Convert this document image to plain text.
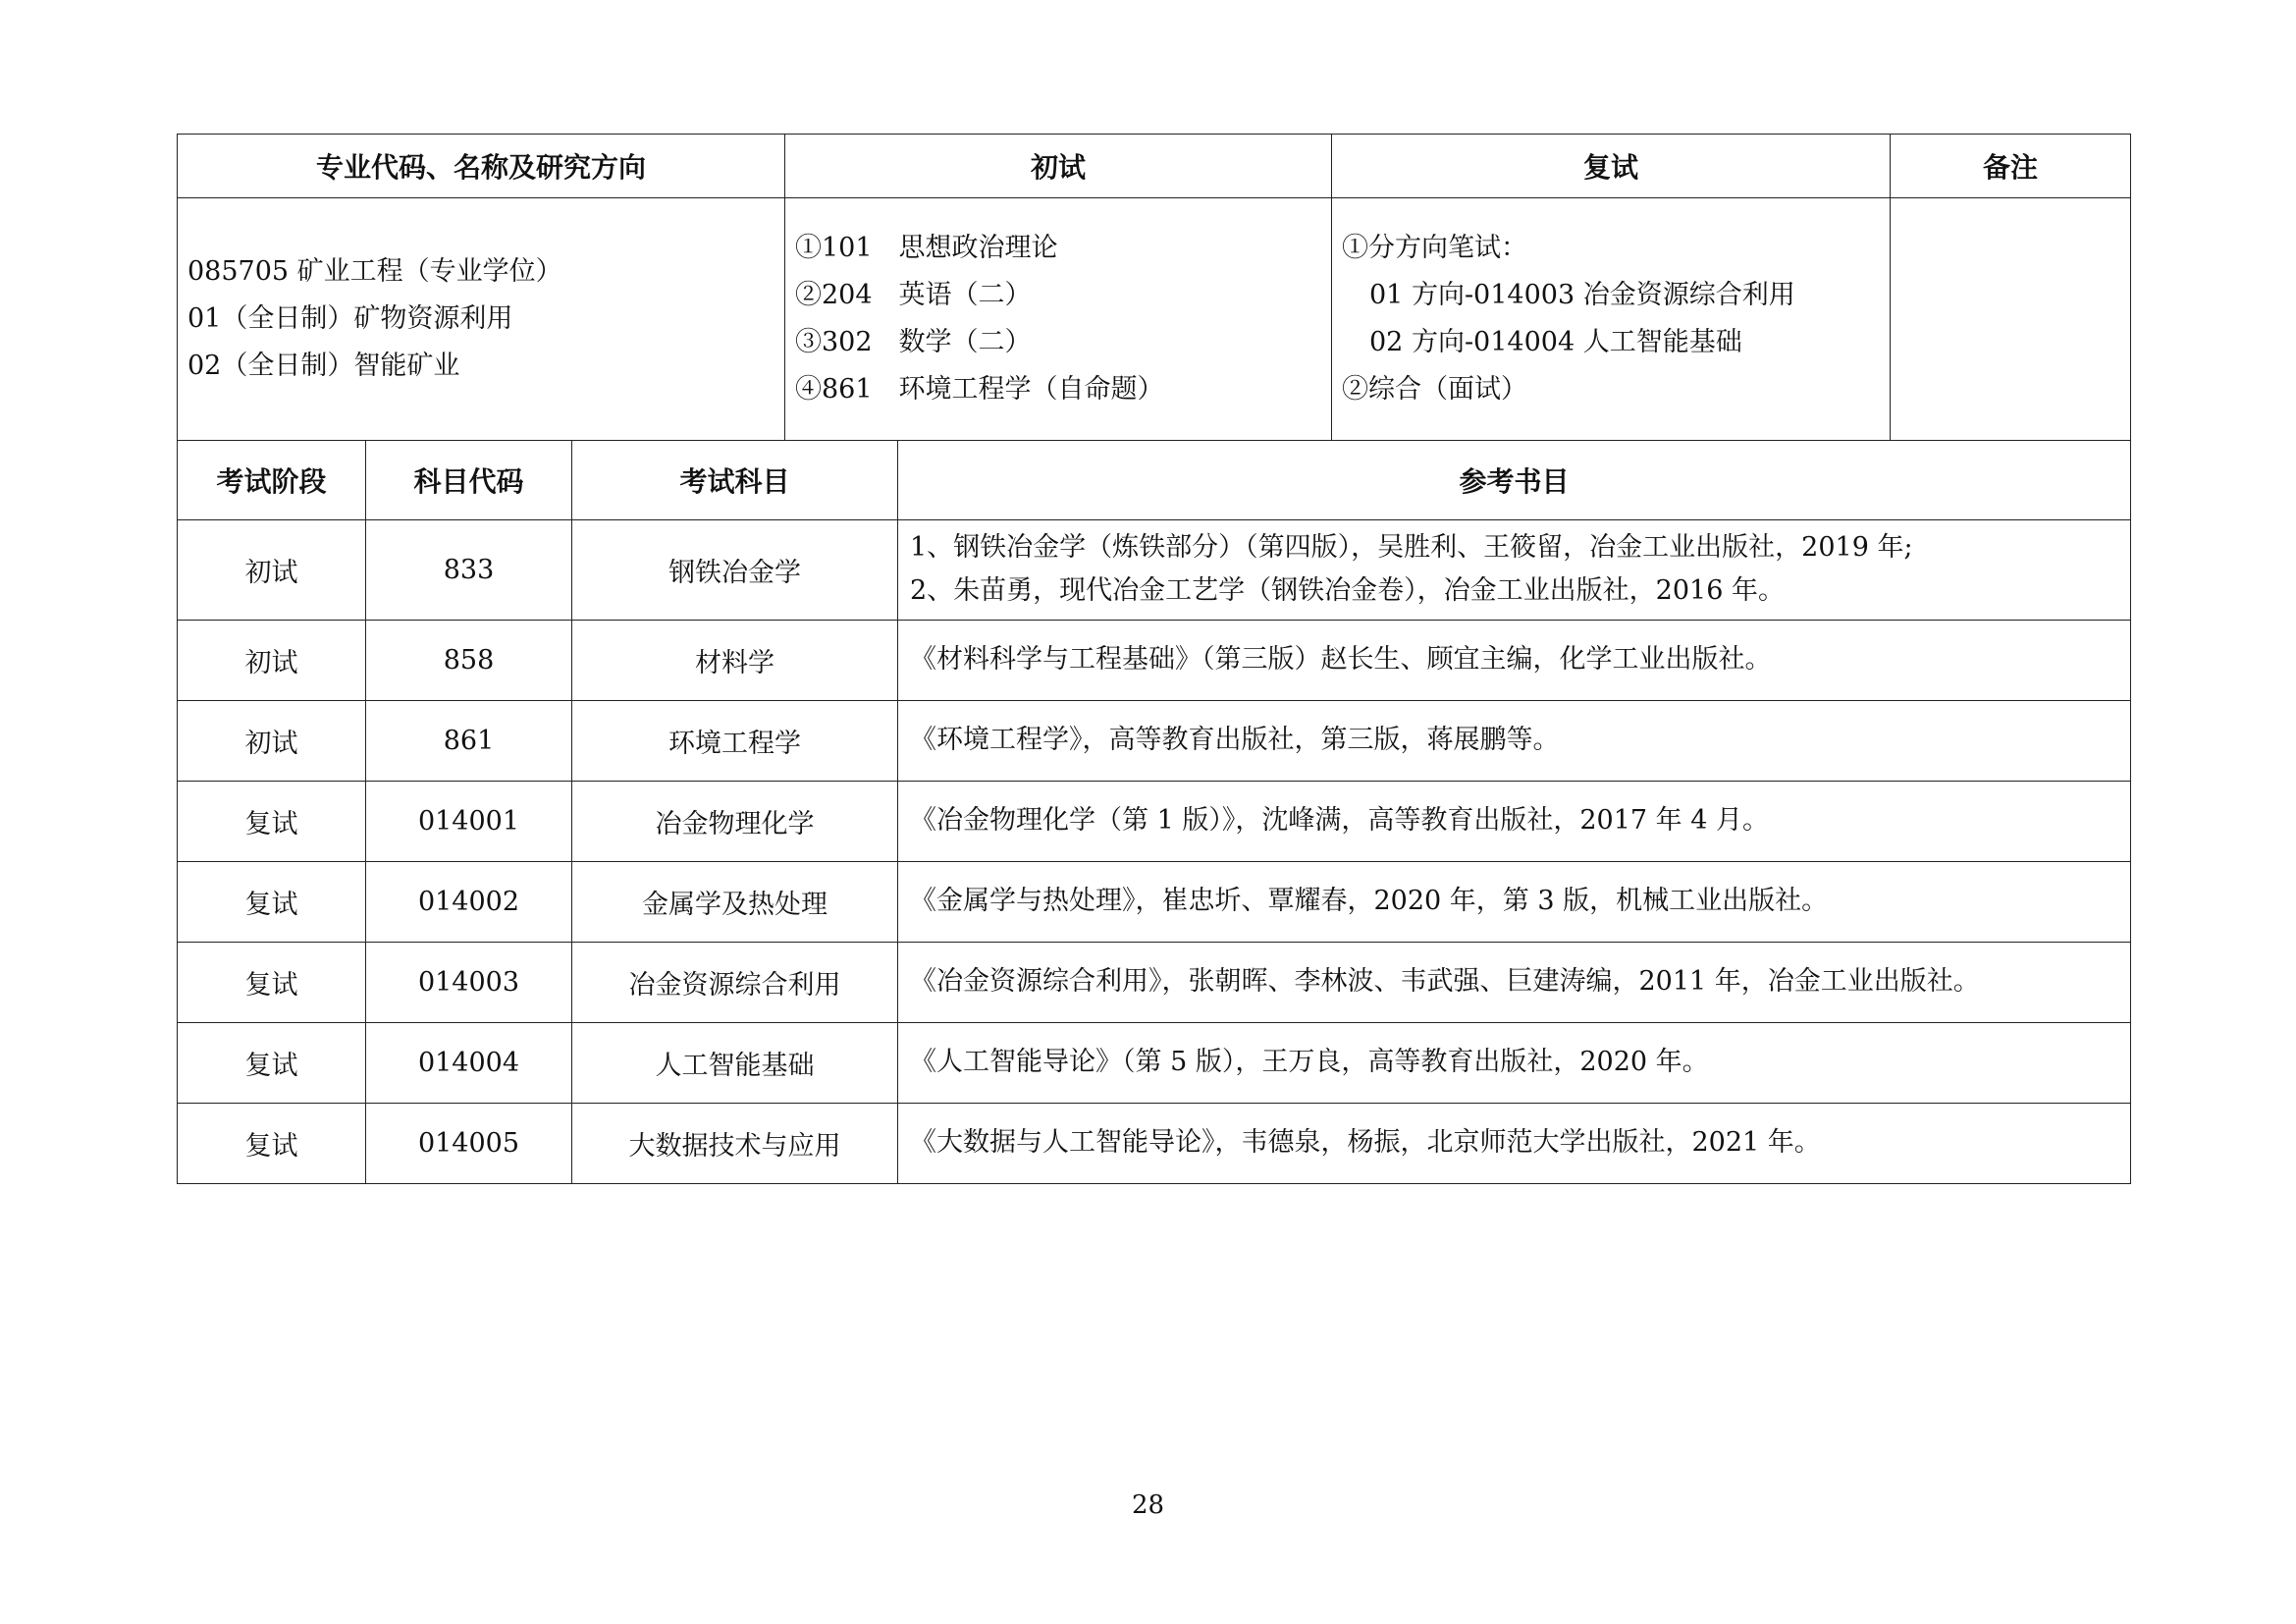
专业代码、名称及研究方向	初试	复试	备注

085705 矿业工程（专业学位）
01（全日制）矿物资源利用
02（全日制）智能矿业	①101　思想政治理论
②204　英语（二）
③302　数学（二）
④861　环境工程学（自命题）	①分方向笔试：
01 方向-014003 冶金资源综合利用
02 方向-014004 人工智能基础
②综合（面试）	

考试阶段	科目代码	考试科目	参考书目
初试	833	钢铁冶金学	1、钢铁冶金学（炼铁部分）（第四版），吴胜利、王筱留，冶金工业出版社，2019 年;
2、朱苗勇，现代冶金工艺学（钢铁冶金卷），冶金工业出版社，2016 年。

初试	858	材料学	《材料科学与工程基础》（第三版）赵长生、顾宜主编，化学工业出版社。
初试	861	环境工程学	《环境工程学》，高等教育出版社，第三版，蒋展鹏等。
复试	014001	冶金物理化学	《冶金物理化学（第 1 版）》，沈峰满，高等教育出版社，2017 年 4 月。
复试	014002	金属学及热处理	《金属学与热处理》，崔忠圻、覃耀春，2020 年，第 3 版，机械工业出版社。
复试	014003	冶金资源综合利用	《冶金资源综合利用》，张朝晖、李林波、韦武强、巨建涛编，2011 年，冶金工业出版社。
复试	014004	人工智能基础	《人工智能导论》（第 5 版），王万良，高等教育出版社，2020 年。
复试	014005	大数据技术与应用	《大数据与人工智能导论》，韦德泉，杨振，北京师范大学出版社，2021 年。
28
